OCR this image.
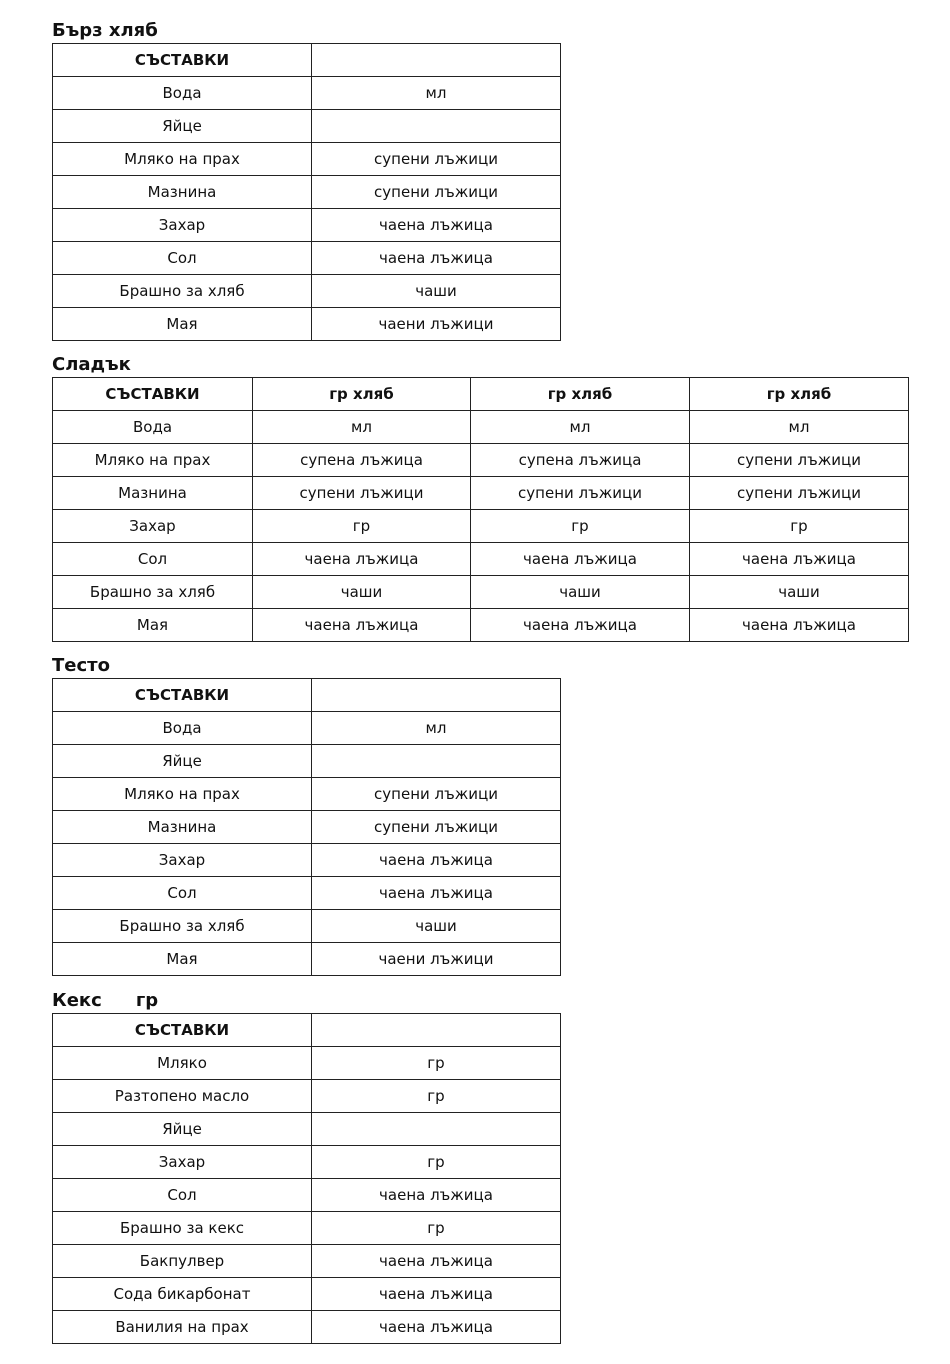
Бърз хляб
СЪСТАВКИ	
Вода	мл
Яйце	
Мляко на прах	супени лъжици
Мазнина	супени лъжици
Захар	чаена лъжица
Сол	чаена лъжица
Брашно за хляб	чаши
Мая	чаени лъжици
Сладък
СЪСТАВКИ	гр хляб	гр хляб	гр хляб
Вода	мл	мл	мл
Мляко на прах	супена лъжица	супена лъжица	супени лъжици
Мазнина	супени лъжици	супени лъжици	супени лъжици
Захар	гр	гр	гр
Сол	чаена лъжица	чаена лъжица	чаена лъжица
Брашно за хляб	чаши	чаши	чаши
Мая	чаена лъжица	чаена лъжица	чаена лъжица
Тесто
СЪСТАВКИ	
Вода	мл
Яйце	
Мляко на прах	супени лъжици
Мазнина	супени лъжици
Захар	чаена лъжица
Сол	чаена лъжица
Брашно за хляб	чаши
Мая	чаени лъжици
Кекс гр
СЪСТАВКИ	
Мляко	гр
Разтопено масло	гр
Яйце	
Захар	гр
Сол	чаена лъжица
Брашно за кекс	гр
Бакпулвер	чаена лъжица
Сода бикарбонат	чаена лъжица
Ванилия на прах	чаена лъжица
